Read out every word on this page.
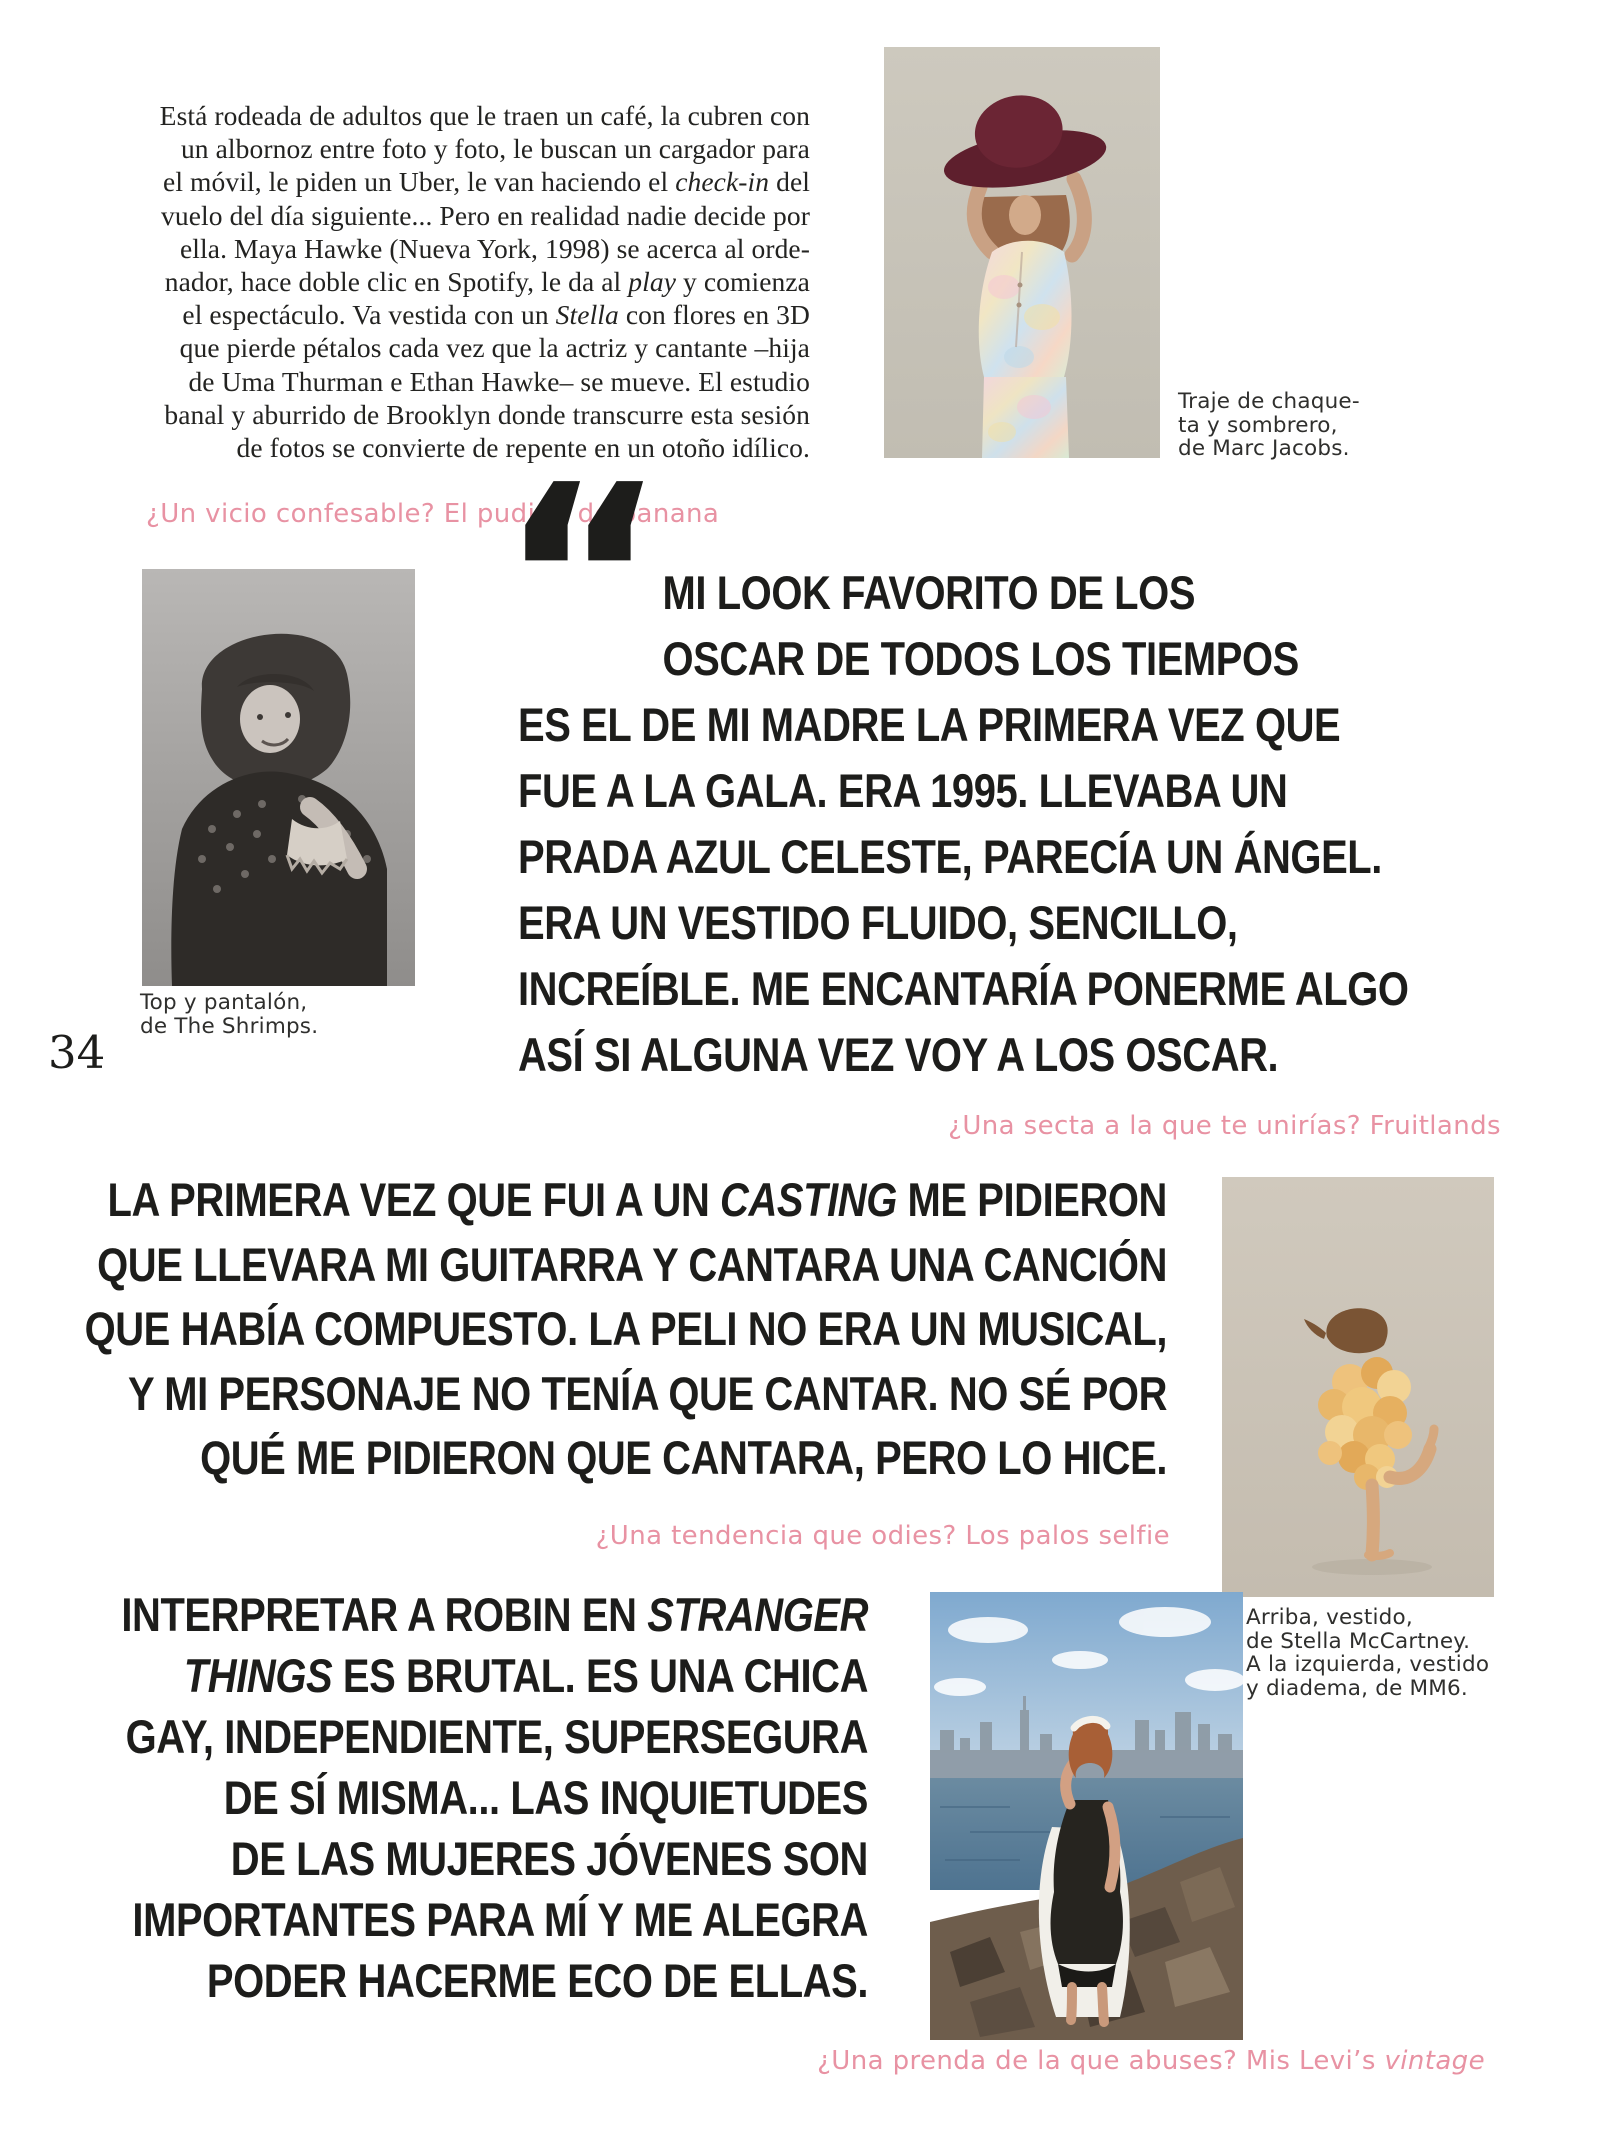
Está rodeada de adultos que le traen un café, la cubren con
un albornoz entre foto y foto, le buscan un cargador para
el móvil, le piden un Uber, le van haciendo el check-in del
vuelo del día siguiente... Pero en realidad nadie decide por
ella. Maya Hawke (Nueva York, 1998) se acerca al orde-
nador, hace doble clic en Spotify, le da al play y comienza
el espectáculo. Va vestida con un Stella con flores en 3D
que pierde pétalos cada vez que la actriz y cantante –hija
de Uma Thurman e Ethan Hawke– se mueve. El estudio
banal y aburrido de Brooklyn donde transcurre esta sesión
de fotos se convierte de repente en un otoño idílico.
Traje de chaque-
ta y sombrero,
de Marc Jacobs.
¿Un vicio confesable? El puding de banana
Top y pantalón,
de The Shrimps.
34
“ MI LOOK FAVORITO DE LOS
OSCAR DE TODOS LOS TIEMPOS
ES EL DE MI MADRE LA PRIMERA VEZ QUE
FUE A LA GALA. ERA 1995. LLEVABA UN
PRADA AZUL CELESTE, PARECÍA UN ÁNGEL.
ERA UN VESTIDO FLUIDO, SENCILLO,
INCREÍBLE. ME ENCANTARÍA PONERME ALGO
ASÍ SI ALGUNA VEZ VOY A LOS OSCAR.
¿Una secta a la que te unirías? Fruitlands
LA PRIMERA VEZ QUE FUI A UN CASTING ME PIDIERON
QUE LLEVARA MI GUITARRA Y CANTARA UNA CANCIÓN
QUE HABÍA COMPUESTO. LA PELI NO ERA UN MUSICAL,
Y MI PERSONAJE NO TENÍA QUE CANTAR. NO SÉ POR
QUÉ ME PIDIERON QUE CANTARA, PERO LO HICE.
¿Una tendencia que odies? Los palos selfie
INTERPRETAR A ROBIN EN STRANGER
THINGS ES BRUTAL. ES UNA CHICA
GAY, INDEPENDIENTE, SUPERSEGURA
DE SÍ MISMA... LAS INQUIETUDES
DE LAS MUJERES JÓVENES SON
IMPORTANTES PARA MÍ Y ME ALEGRA
PODER HACERME ECO DE ELLAS.
Arriba, vestido,
de Stella McCartney.
A la izquierda, vestido
y diadema, de MM6.
¿Una prenda de la que abuses? Mis Levi’s vintage
